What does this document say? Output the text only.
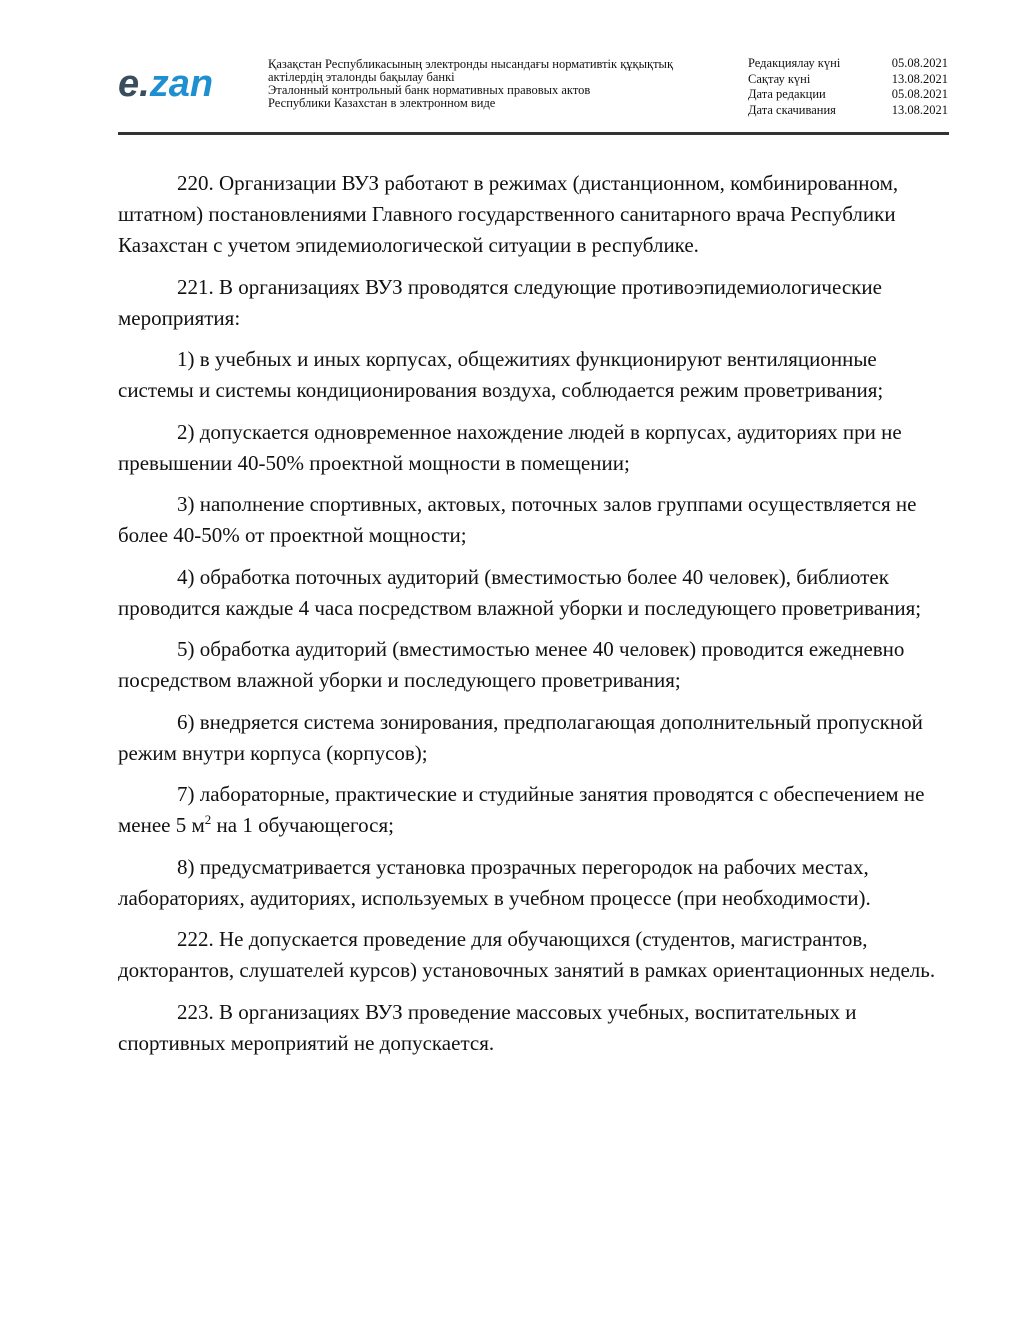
e.zan	Қазақстан Республикасының электронды нысандағы нормативтік құқықтық
актілердің эталонды бақылау банкі
Эталонный контрольный банк нормативных правовых актов
Республики Казахстан в электронном виде
Редакциялау күні	05.08.2021
Сақтау күні	13.08.2021
Дата редакции	05.08.2021
Дата скачивания	13.08.2021

220. Организации ВУЗ работают в режимах (дистанционном, комбинированном, штатном) постановлениями Главного государственного санитарного врача Республики Казахстан с учетом эпидемиологической ситуации в республике.

221. В организациях ВУЗ проводятся следующие противоэпидемиологические мероприятия:

1) в учебных и иных корпусах, общежитиях функционируют вентиляционные системы и системы кондиционирования воздуха, соблюдается режим проветривания;

2) допускается одновременное нахождение людей в корпусах, аудиториях при не превышении 40-50% проектной мощности в помещении;

3) наполнение спортивных, актовых, поточных залов группами осуществляется не более 40-50% от проектной мощности;

4) обработка поточных аудиторий (вместимостью более 40 человек), библиотек проводится каждые 4 часа посредством влажной уборки и последующего проветривания;

5) обработка аудиторий (вместимостью менее 40 человек) проводится ежедневно посредством влажной уборки и последующего проветривания;

6) внедряется система зонирования, предполагающая дополнительный пропускной режим внутри корпуса (корпусов);

7) лабораторные, практические и студийные занятия проводятся с обеспечением не менее 5 $м^2$ на 1 обучающегося;

8) предусматривается установка прозрачных перегородок на рабочих местах, лабораториях, аудиториях, используемых в учебном процессе (при необходимости).

222. Не допускается проведение для обучающихся (студентов, магистрантов, докторантов, слушателей курсов) установочных занятий в рамках ориентационных недель.

223. В организациях ВУЗ проведение массовых учебных, воспитательных и спортивных мероприятий не допускается.
